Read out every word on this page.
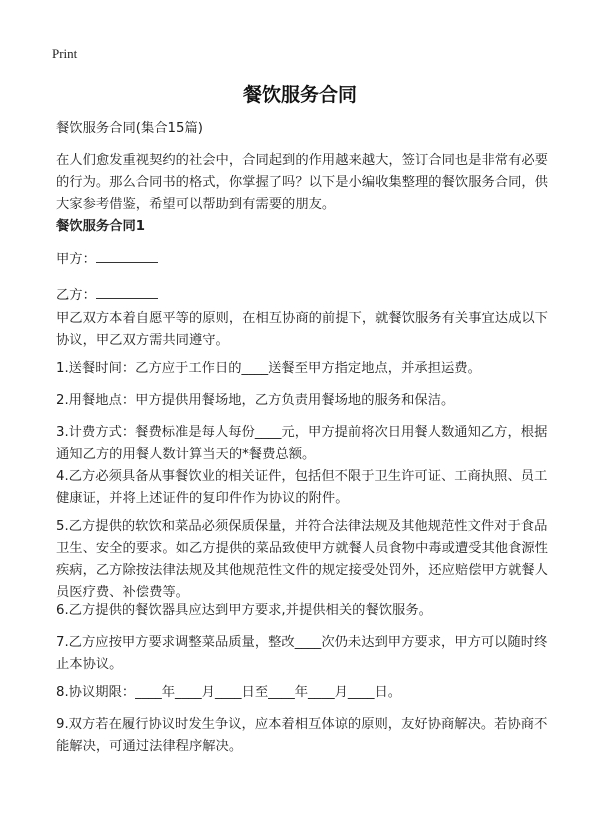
Print
餐饮服务合同
餐饮服务合同(集合15篇)
在人们愈发重视契约的社会中，合同起到的作用越来越大，签订合同也是非常有必要的行为。那么合同书的格式，你掌握了吗？以下是小编收集整理的餐饮服务合同，供大家参考借鉴，希望可以帮助到有需要的朋友。
餐饮服务合同1
甲方：
乙方：
甲乙双方本着自愿平等的原则，在相互协商的前提下，就餐饮服务有关事宜达成以下协议，甲乙双方需共同遵守。
1.送餐时间：乙方应于工作日的____送餐至甲方指定地点，并承担运费。
2.用餐地点：甲方提供用餐场地，乙方负责用餐场地的服务和保洁。
3.计费方式：餐费标准是每人每份____元，甲方提前将次日用餐人数通知乙方，根据通知乙方的用餐人数计算当天的*餐费总额。
4.乙方必须具备从事餐饮业的相关证件，包括但不限于卫生许可证、工商执照、员工健康证，并将上述证件的复印件作为协议的附件。
5.乙方提供的软饮和菜品必须保质保量，并符合法律法规及其他规范性文件对于食品卫生、安全的要求。如乙方提供的菜品致使甲方就餐人员食物中毒或遭受其他食源性疾病，乙方除按法律法规及其他规范性文件的规定接受处罚外，还应赔偿甲方就餐人员医疗费、补偿费等。
6.乙方提供的餐饮器具应达到甲方要求,并提供相关的餐饮服务。
7.乙方应按甲方要求调整菜品质量，整改____次仍未达到甲方要求，甲方可以随时终止本协议。
8.协议期限：____年____月____日至____年____月____日。
9.双方若在履行协议时发生争议，应本着相互体谅的原则，友好协商解决。若协商不能解决，可通过法律程序解决。
